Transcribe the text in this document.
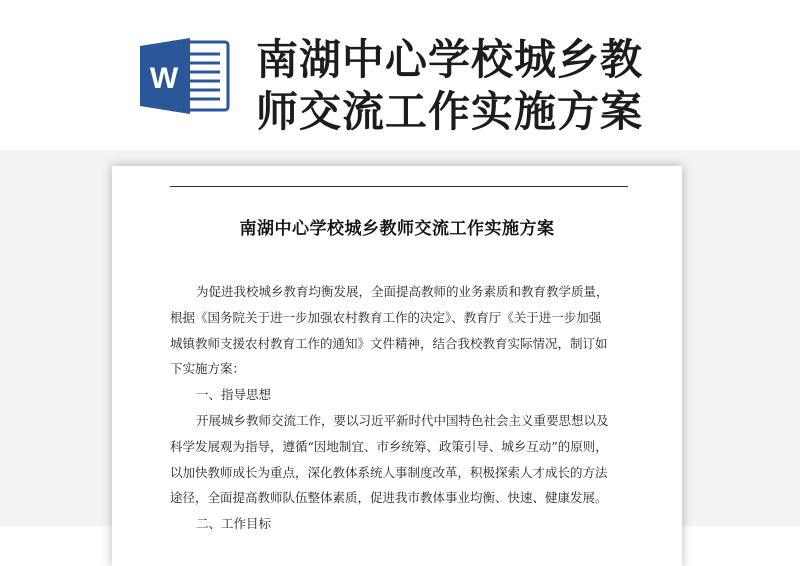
W 南湖中心学校城乡教
师交流工作实施方案
南湖中心学校城乡教师交流工作实施方案
为促进我校城乡教育均衡发展，全面提高教师的业务素质和教育教学质量，
根据《国务院关于进一步加强农村教育工作的决定》、教育厅《关于进一步加强
城镇教师支援农村教育工作的通知》文件精神，结合我校教育实际情况，制订如
下实施方案：
一、指导思想
开展城乡教师交流工作，要以习近平新时代中国特色社会主义重要思想以及
科学发展观为指导，遵循“因地制宜、市乡统筹、政策引导、城乡互动”的原则，
以加快教师成长为重点，深化教体系统人事制度改革，积极探索人才成长的方法
途径，全面提高教师队伍整体素质，促进我市教体事业均衡、快速、健康发展。
二、工作目标
